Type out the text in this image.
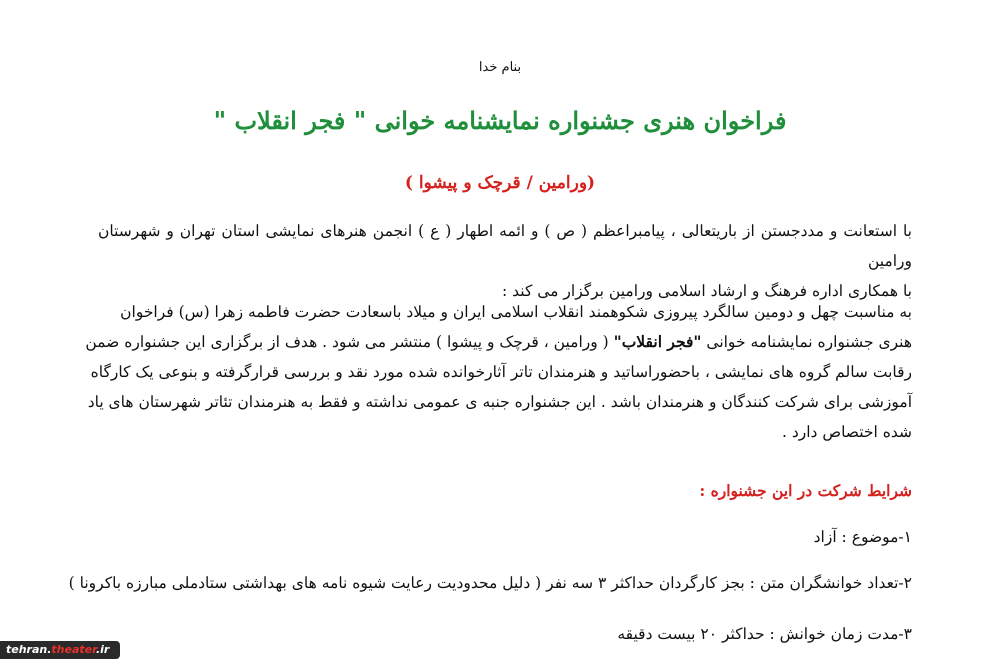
بنام خدا
فراخوان هنری جشنواره نمایشنامه خوانی " فجر انقلاب "
(ورامین / قرچک و پیشوا )
با استعانت و مددجستن از باریتعالی ، پیامبراعظم ( ص ) و ائمه اطهار ( ع ) انجمن هنرهای نمایشی استان تهران و شهرستان ورامین
با همکاری اداره فرهنگ و ارشاد اسلامی ورامین برگزار می کند :
به مناسبت چهل و دومین سالگرد پیروزی شکوهمند انقلاب اسلامی ایران و میلاد باسعادت حضرت فاطمه زهرا (س) فراخوان
هنری جشنواره نمایشنامه خوانی "فجر انقلاب" ( ورامین ، قرچک و پیشوا ) منتشر می شود . هدف از برگزاری این جشنواره ضمن
رقابت سالم گروه های نمایشی ، باحضوراساتید و هنرمندان تاتر آثارخوانده شده مورد نقد و بررسی قرارگرفته و بنوعی یک کارگاه
آموزشی برای شرکت کنندگان و هنرمندان باشد . این جشنواره جنبه ی عمومی نداشته و فقط به هنرمندان تئاتر شهرستان های یاد
شده اختصاص دارد .
شرایط شرکت در این جشنواره :
۱-موضوع : آزاد
۲-تعداد خوانشگران متن : بجز کارگردان حداکثر ۳ سه نفر ( دلیل محدودیت رعایت شیوه نامه های بهداشتی ستادملی مبارزه باکرونا )
۳-مدت زمان خوانش : حداکثر ۲۰ بیست دقیقه
tehran.theater.ir
